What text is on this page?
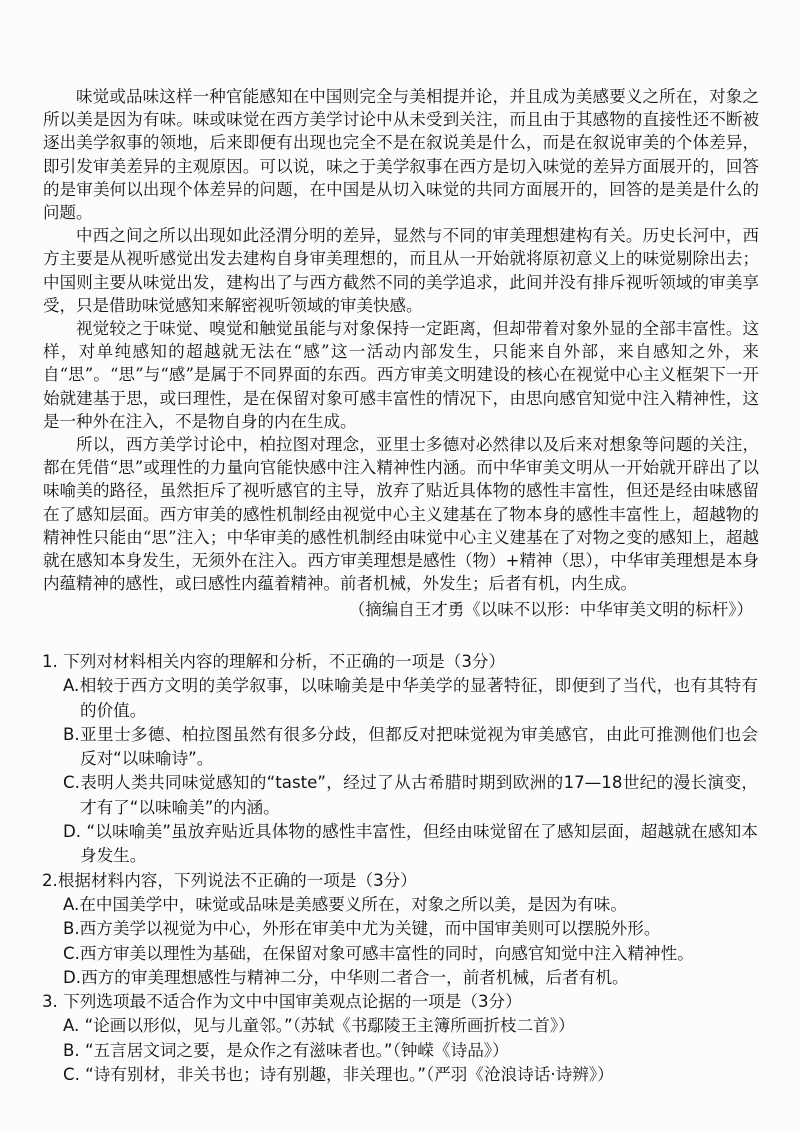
味觉或品味这样一种官能感知在中国则完全与美相提并论，并且成为美感要义之所在，对象之所以美是因为有味。味或味觉在西方美学讨论中从未受到关注，而且由于其感物的直接性还不断被逐出美学叙事的领地，后来即便有出现也完全不是在叙说美是什么，而是在叙说审美的个体差异，即引发审美差异的主观原因。可以说，味之于美学叙事在西方是切入味觉的差异方面展开的，回答的是审美何以出现个体差异的问题，在中国是从切入味觉的共同方面展开的，回答的是美是什么的问题。

中西之间之所以出现如此泾渭分明的差异，显然与不同的审美理想建构有关。历史长河中，西方主要是从视听感觉出发去建构自身审美理想的，而且从一开始就将原初意义上的味觉剔除出去；中国则主要从味觉出发，建构出了与西方截然不同的美学追求，此间并没有排斥视听领域的审美享受，只是借助味觉感知来解密视听领域的审美快感。

视觉较之于味觉、嗅觉和触觉虽能与对象保持一定距离，但却带着对象外显的全部丰富性。这样，对单纯感知的超越就无法在“感”这一活动内部发生，只能来自外部，来自感知之外，来自“思”。“思”与“感”是属于不同界面的东西。西方审美文明建设的核心在视觉中心主义框架下一开始就建基于思，或曰理性，是在保留对象可感丰富性的情况下，由思向感官知觉中注入精神性，这是一种外在注入，不是物自身的内在生成。

所以，西方美学讨论中，柏拉图对理念，亚里士多德对必然律以及后来对想象等问题的关注，都在凭借“思”或理性的力量向官能快感中注入精神性内涵。而中华审美文明从一开始就开辟出了以味喻美的路径，虽然拒斥了视听感官的主导，放弃了贴近具体物的感性丰富性，但还是经由味感留在了感知层面。西方审美的感性机制经由视觉中心主义建基在了物本身的感性丰富性上，超越物的精神性只能由“思”注入；中华审美的感性机制经由味觉中心主义建基在了对物之变的感知上，超越就在感知本身发生，无须外在注入。西方审美理想是感性（物）+精神（思），中华审美理想是本身内蕴精神的感性，或曰感性内蕴着精神。前者机械，外发生；后者有机，内生成。

（摘编自王才勇《以味不以形：中华审美文明的标杆》）

1. 下列对材料相关内容的理解和分析，不正确的一项是（3分）

A.相较于西方文明的美学叙事，以味喻美是中华美学的显著特征，即便到了当代，也有其特有的价值。

B.亚里士多德、柏拉图虽然有很多分歧，但都反对把味觉视为审美感官，由此可推测他们也会反对“以味喻诗”。

C.表明人类共同味觉感知的“taste”，经过了从古希腊时期到欧洲的17—18世纪的漫长演变，才有了“以味喻美”的内涵。

D. “以味喻美”虽放弃贴近具体物的感性丰富性，但经由味觉留在了感知层面，超越就在感知本身发生。

2.根据材料内容，下列说法不正确的一项是（3分）

A.在中国美学中，味觉或品味是美感要义所在，对象之所以美，是因为有味。

B.西方美学以视觉为中心，外形在审美中尤为关键，而中国审美则可以摆脱外形。

C.西方审美以理性为基础，在保留对象可感丰富性的同时，向感官知觉中注入精神性。

D.西方的审美理想感性与精神二分，中华则二者合一，前者机械，后者有机。

3. 下列选项最不适合作为文中中国审美观点论据的一项是（3分）

A. “论画以形似，见与儿童邻。”（苏轼《书鄢陵王主簿所画折枝二首》）

B. “五言居文词之要，是众作之有滋味者也。”（钟嵘《诗品》）

C. “诗有别材，非关书也；诗有别趣，非关理也。”（严羽《沧浪诗话·诗辨》）
